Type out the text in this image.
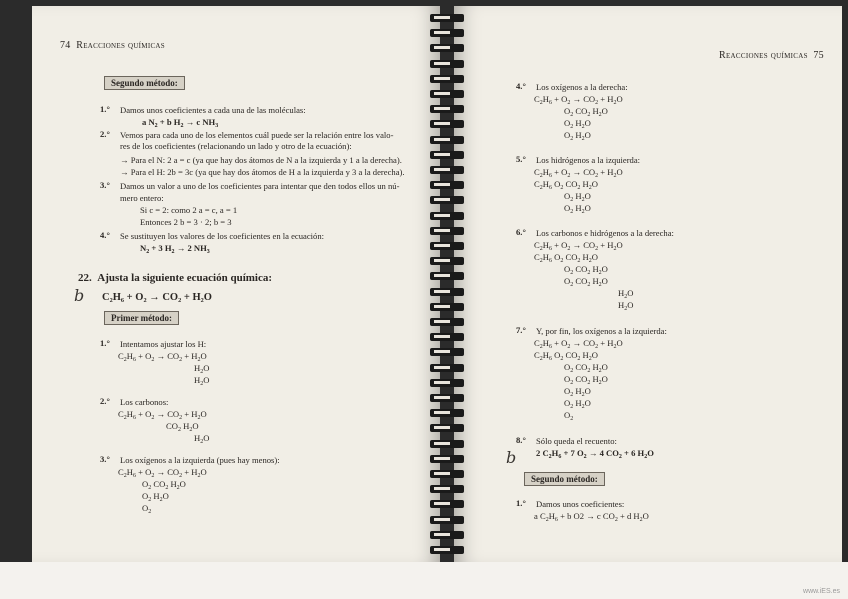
74 Reacciones químicas
Segundo método:
1.° Damos unos coeficientes a cada una de las moléculas:
a $N_2 + b$ $H_2 \to c$ $NH_3$
2.° Vemos para cada uno de los elementos cuál puede ser la relación entre los valo-
res de los coeficientes (relacionando un lado y otro de la ecuación):
→ Para el N: 2 a = c (ya que hay dos átomos de N a la izquierda y 1 a la derecha).
→ Para el H: 2b = 3c (ya que hay dos átomos de H a la izquierda y 3 a la derecha).
3.° Damos un valor a uno de los coeficientes para intentar que den todos ellos un nú-
mero entero:
Si c = 2: como 2 a = c, a = 1
Entonces 2 b = 3 · 2; b = 3
4.° Se sustituyen los valores de los coeficientes en la ecuación:
$N_2 + 3$ $H_2 \to 2$ $NH_3$
22. Ajusta la siguiente ecuación química:
b C₂H₆ + O₂ → CO₂ + H₂O
Primer método:
1.° Intentamos ajustar los H:
$C_2H_6 + O_2 \to CO_2 + H_2O$
$H_2O$
$H_2O$
2.° Los carbonos:
$C_2H_6 + O_2 \to CO_2 + H_2O$
$CO_2$ $H_2O$
$H_2O$
3.° Los oxígenos a la izquierda (pues hay menos):
$C_2H_6 + O_2 \to CO_2 + H_2O$
$O_2$ $CO_2$ $H_2O$
$O_2$ $H_2O$
$O_2$
Reacciones químicas 75
4.° Los oxígenos a la derecha:
$C_2H_6 + O_2 \to CO_2 + H_2O$
$O_2$ $CO_2$ $H_2O$
$O_2$ $H_2O$
$O_2$ $H_2O$
5.° Los hidrógenos a la izquierda:
$C_2H_6 + O_2 \to CO_2 + H_2O$
$C_2H_6$ $O_2$ $CO_2$ $H_2O$
$O_2$ $H_2O$
$O_2$ $H_2O$
6.° Los carbonos e hidrógenos a la derecha:
$C_2H_6 + O_2 \to CO_2 + H_2O$
$C_2H_6$ $O_2$ $CO_2$ $H_2O$
$O_2$ $CO_2$ $H_2O$
$O_2$ $CO_2$ $H_2O$
$H_2O$
$H_2O$
7.° Y, por fin, los oxígenos a la izquierda:
$C_2H_6 + O_2 \to CO_2 + H_2O$
$C_2H_6$ $O_2$ $CO_2$ $H_2O$
$O_2$ $CO_2$ $H_2O$
$O_2$ $CO_2$ $H_2O$
$O_2$ $H_2O$
$O_2$ $H_2O$
$O_2$
8.° Sólo queda el recuento:
2 $C_2H_6 + 7$ $O_2 \to 4$ $CO_2 + 6$ $H_2O$
b
Segundo método:
1.° Damos unos coeficientes:
a $C_2H_6 + b$ O2 → c $CO_2 + d$ $H_2O$
www.iES.es
